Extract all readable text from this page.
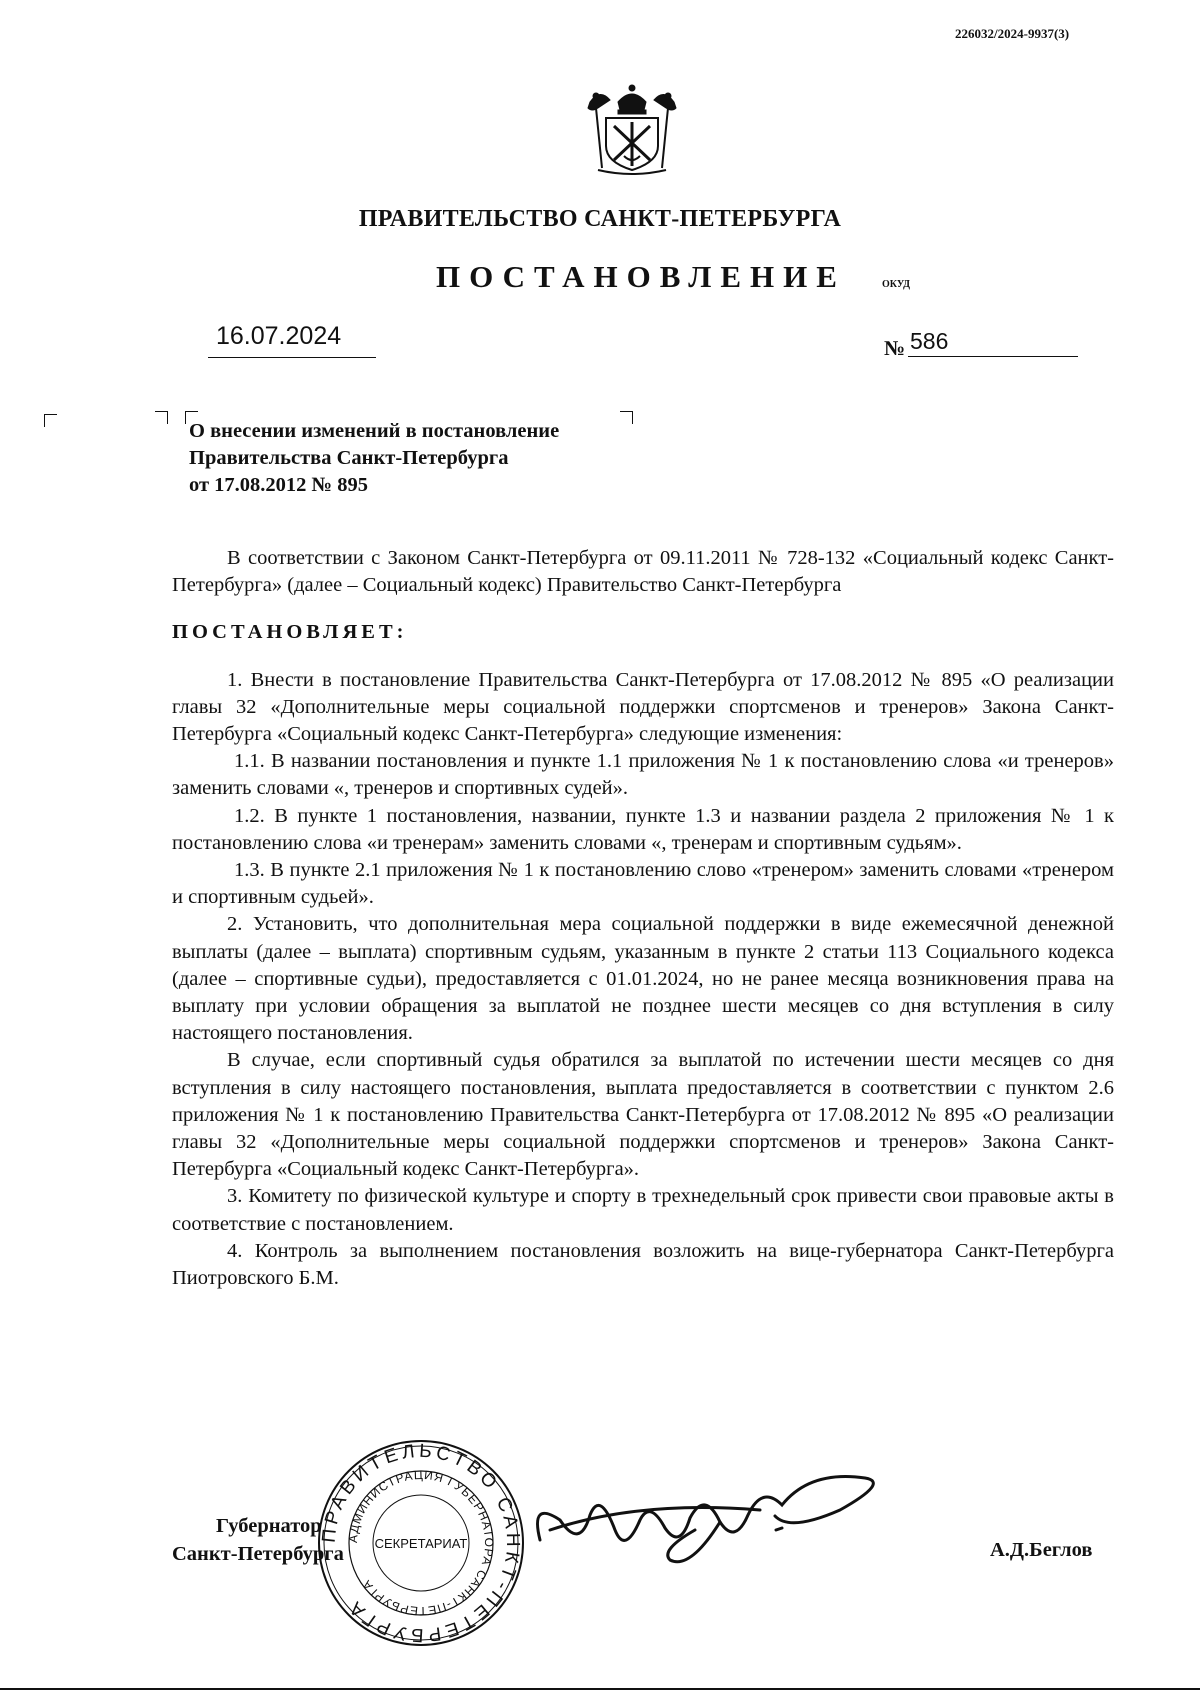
226032/2024-9937(3)
ПРАВИТЕЛЬСТВО САНКТ-ПЕТЕРБУРГА
ПОСТАНОВЛЕНИЕ	ОКУД
16.07.2024	№ 586
О внесении изменений в постановление
Правительства Санкт-Петербурга
от 17.08.2012 № 895

В соответствии с Законом Санкт-Петербурга от 09.11.2011 № 728-132 «Социальный кодекс Санкт-Петербурга» (далее – Социальный кодекс) Правительство Санкт-Петербурга

ПОСТАНОВЛЯЕТ:

1. Внести в постановление Правительства Санкт-Петербурга от 17.08.2012 № 895 «О реализации главы 32 «Дополнительные меры социальной поддержки спортсменов и тренеров» Закона Санкт-Петербурга «Социальный кодекс Санкт-Петербурга» следующие изменения:

1.1. В названии постановления и пункте 1.1 приложения № 1 к постановлению слова «и тренеров» заменить словами «, тренеров и спортивных судей».

1.2. В пункте 1 постановления, названии, пункте 1.3 и названии раздела 2 приложения № 1 к постановлению слова «и тренерам» заменить словами «, тренерам и спортивным судьям».

1.3. В пункте 2.1 приложения № 1 к постановлению слово «тренером» заменить словами «тренером и спортивным судьей».

2. Установить, что дополнительная мера социальной поддержки в виде ежемесячной денежной выплаты (далее – выплата) спортивным судьям, указанным в пункте 2 статьи 113 Социального кодекса (далее – спортивные судьи), предоставляется с 01.01.2024, но не ранее месяца возникновения права на выплату при условии обращения за выплатой не позднее шести месяцев со дня вступления в силу настоящего постановления.

В случае, если спортивный судья обратился за выплатой по истечении шести месяцев со дня вступления в силу настоящего постановления, выплата предоставляется в соответствии с пунктом 2.6 приложения № 1 к постановлению Правительства Санкт-Петербурга от 17.08.2012 № 895 «О реализации главы 32 «Дополнительные меры социальной поддержки спортсменов и тренеров» Закона Санкт-Петербурга «Социальный кодекс Санкт-Петербурга».

3. Комитету по физической культуре и спорту в трехнедельный срок привести свои правовые акты в соответствие с постановлением.

4. Контроль за выполнением постановления возложить на вице-губернатора Санкт-Петербурга Пиотровского Б.М.

ПРАВИТЕЛЬСТВО САНКТ-ПЕТЕРБУРГА
АДМИНИСТРАЦИЯ ГУБЕРНАТОРА САНКТ-ПЕТЕРБУРГА
СЕКРЕТАРИАТ
Губернатор
Санкт-Петербурга	А.Д.Беглов
